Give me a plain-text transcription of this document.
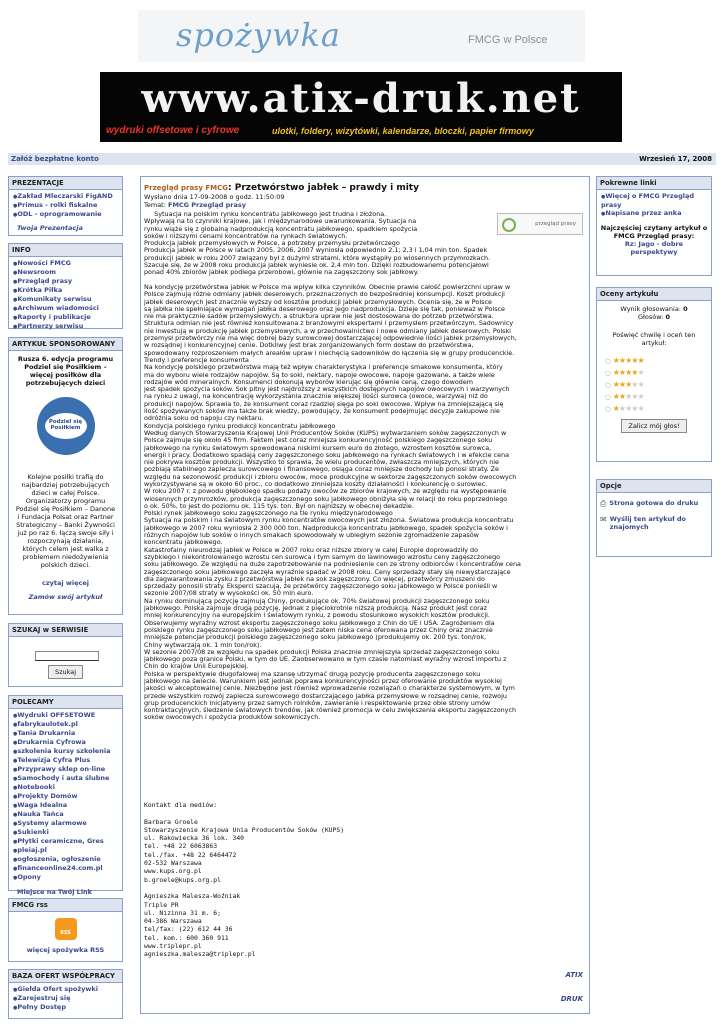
spożywka	FMCG w Polsce
www.atix-druk.net
wydruki offsetowe i cyfrowe	ulotki, foldery, wizytówki, kalendarze, bloczki, papier firmowy
Załóż bezpłatne konto	Wrzesień 17, 2008
PREZENTACJE
● Zakład Mleczarski FigAND
● Primus - rolki fiskalne
● ODL - oprogramowanie
Twoja Prezentacja
INFO
● Nowości FMCG
● Newsroom
● Przegląd prasy
● Krótka Piłka
● Komunikaty serwisu
● Archiwum wiadomości
● Raporty i publikacje
● Partnerzy serwisu
ARTYKUŁ SPONSOROWANY
Rusza 6. edycja programu Podziel się Posiłkiem – więcej posiłków dla potrzebujących dzieci
Podziel się Posiłkiem
Kolejne posiłki trafią do najbardziej potrzebujących dzieci w całej Polsce. Organizatorzy programu Podziel się Posiłkiem – Danone i Fundacja Polsat oraz Partner Strategiczny – Banki Żywności już po raz 6. łączą swoje siły i rozpoczynają działania, których celem jest walka z problemem niedożywienia polskich dzieci.
czytaj więcej
Zamów swój artykuł
SZUKAJ w SERWISIE
Szukaj
POLECAMY
● Wydruki OFFSETOWE
● fabrykaulotek.pl
● Tania Drukarnia
● Drukarnia Cyfrowa
● szkolenia kursy szkolenia
● Telewizja Cyfra Plus
● Przyprawy sklep on-line
● Samochody i auta ślubne
● Notebooki
● Projekty Domów
● Waga Idealna
● Nauka Tańca
● Systemy alarmowe
● Sukienki
● Płytki ceramiczne, Gres
● pleiaj.pl
● ogłoszenia, ogłoszenie
● financeonline24.com.pl
● Opony
Miejsce na Twój Link
FMCG rss
RSS
więcej spożywka RSS
BAZA OFERT WSPÓŁPRACY
● Giełda Ofert spożywki
● Zarejestruj się
● Pełny Dostęp
Przegląd prasy FMCG: Przetwórstwo jabłek – prawdy i mity
Wysłano dnia 17-09-2008 o godz. 11:50:09
Temat: FMCG Przegląd prasy
przegląd prasy
Sytuacja na polskim rynku koncentratu jabłkowego jest trudna i złożona.
Wpływają na to czynniki krajowe, jak i międzynarodowe uwarunkowania. Sytuacja na
rynku wiąże się z globalną nadprodukcją koncentratu jabłkowego, spadkiem spożycia
soków i niższymi cenami koncentratów na rynkach światowych.
Produkcja jabłek przemysłowych w Polsce, a potrzeby przemysłu przetwórczego
Produkcja jabłek w Polsce w latach 2005, 2006, 2007 wyniosła odpowiednio 2,1; 2,3 i 1,04 mln ton. Spadek
produkcji jabłek w roku 2007 związany był z dużymi stratami, które wystąpiły po wiosennych przymrozkach.
Szacuje się, że w 2008 roku produkcja jabłek wyniesie ok. 2,4 mln ton. Dzięki rozbudowanemu potencjałowi
ponad 40% zbiorów jabłek podlega przerobowi, głównie na zagęszczony sok jabłkowy.

Na kondycję przetwórstwa jabłek w Polsce ma wpływ kilka czynników. Obecnie prawie całość powierzchni upraw w
Polsce zajmują różne odmiany jabłek deserowych, przeznaczonych do bezpośredniej konsumpcji. Koszt produkcji
jabłek deserowych jest znacznie wyższy od kosztów produkcji jabłek przemysłowych. Ocenia się, że w Polsce
są jabłka nie spełniające wymagań jabłka deserowego oraz jego nadprodukcja. Dzieje się tak, ponieważ w Polsce
nie ma praktycznie sadów przemysłowych, a struktura upraw nie jest dostosowana do potrzeb przetwórstwa.
Struktura odmian nie jest również konsultowana z branżowymi ekspertami i przemysłem przetwórczym. Sadownicy
nie inwestują w produkcję jabłek przemysłowych, a w przechowalnictwo i nowe odmiany jabłek deserowych. Polski
przemysł przetwórczy nie ma więc dobrej bazy surowcowej dostarczającej odpowiednie ilości jabłek przemysłowych,
w rozsądnej i konkurencyjnej cenie. Dotkliwy jest brak zorganizowanych form dostaw do przetwórstwa,
spowodowany rozproszeniem małych areałów upraw i niechęcią sadowników do łączenia się w grupy producenckie.
Trendy i preferencje konsumenta
Na kondycję polskiego przetwórstwa mają też wpływ charakterystyka i preferencje smakowe konsumenta, który
ma do wyboru wiele rodzajów napojów. Są to soki, nektary, napoje owocowe, napoje gazowane, a także wiele
rodzajów wód mineralnych. Konsumenci dokonują wyborów kierując się głównie ceną, czego dowodem
jest spadek spożycia soków. Sok pitny jest najdroższy z wszystkich dostępnych napojów owocowych i warzywnych
na rynku z uwagi, na koncentrację wykorzystania znacznie większej ilości surowca (owoce, warzywa) niż do
produkcji napojów. Sprawia to, że konsument coraz rzadziej sięga po soki owocowe. Wpływ na zmniejszającą się
ilość spożywanych soków ma także brak wiedzy, powodujący, że konsument podejmując decyzje zakupowe nie
odróżnia soku od napoju czy nektaru.
Kondycja polskiego rynku produkcji koncentratu jabłkowego
Według danych Stowarzyszenia Krajowej Unii Producentów Soków (KUPS) wytwarzaniem soków zagęszczonych w
Polsce zajmuje się około 45 firm. Faktem jest coraz mniejsza konkurencyjność polskiego zagęszczonego soku
jabłkowego na rynku światowym spowodowana niskimi kursem euro do złotego, wzrostem kosztów surowca,
energii i pracy. Dodatkowo spadają ceny zagęszczonego soku jabłkowego na rynkach światowych i w efekcie cena
nie pokrywa kosztów produkcji. Wszystko to sprawia, że wielu producentów, zwłaszcza mniejszych, których nie
pozbiają stabilnego zaplecza surowcowego i finansowego, osiąga coraz mniejsze dochody lub ponosi straty. Ze
względu na sezonowość produkcji i zbioru owoców, moce produkcyjne w sektorze zagęszczonych soków owocowych
wykorzystywane są w około 60 proc., co dodatkowo zmniejsza koszty działalności i konkurencję o surowiec.
W roku 2007 r. z powodu głębokiego spadku podaży owoców ze zbiorów krajowych, ze względu na występowanie
wiosennych przymrozków, produkcja zagęszczonego soku jabłkowego obniżyła się w relacji do roku poprzedniego
o ok. 50%, to jest do poziomu ok. 115 tys. ton. Był on najniższy w obecnej dekadzie.
Polski rynek jabłkowego soku zagęszczonego na tle rynku międzynarodowego
Sytuacja na polskim i na światowym rynku koncentratów owocowych jest złożona. Światowa produkcja koncentratu
jabłkowego w 2007 roku wyniosła 2 300 000 ton. Nadprodukcja koncentratu jabłkowego, spadek spożycia soków i
różnych napojów lub soków o innych smakach spowodowały w ubiegłym sezonie zgromadzenie zapasów
koncentratu jabłkowego.
Katastrofalny nieurodzaj jabłek w Polsce w 2007 roku oraz niższe zbiory w całej Europie doprowadziły do
szybkiego i niekontrolowanego wzrostu cen surowca i tym samym do lawinowego wzrostu ceny zagęszczonego
soku jabłkowego. Ze względu na duże zapotrzebowanie na podniesienie cen ze strony odbiorców i koncentratów cena
zagęszczonego soku jabłkowego zaczęła wyraźnie spadać w 2008 roku. Ceny sprzedaży stały się niewystarczające
dla zagwarantowania zysku z przetwórstwa jabłek na sok zagęszczony. Co więcej, przetwórcy zmuszeni do
sprzedaży ponosili straty. Eksperci szacują, że przetwórcy zagęszczonego soku jabłkowego w Polsce ponieśli w
sezonie 2007/08 straty w wysokości ok. 50 mln euro.
Na rynku dominującą pozycję zajmują Chiny, produkujące ok. 70% światowej produkcji zagęszczonego soku
jabłkowego. Polska zajmuje drugą pozycję, jednak z pięciokrotnie niższą produkcją. Nasz produkt jest coraz
mniej konkurencyjny na europejskim i światowym rynku, z powodu stosunkowo wysokich kosztów produkcji.
Obserwujemy wyraźny wzrost eksportu zagęszczonego soku jabłkowego z Chin do UE i USA. Zagrożeniem dla
polskiego rynku zagęszczonego soku jabłkowego jest zatem niska cena oferowana przez Chiny oraz znacznie
mniejsze potencjał produkcji polskiego zagęszczonego soku jabłkowego (produkujemy ok. 200 tys. ton/rok,
Chiny wytwarzają ok. 1 mln ton/rok).
W sezonie 2007/08 ze względu na spadek produkcji Polska znacznie zmniejszyła sprzedaż zagęszczonego soku
jabłkowego poza granice Polski, w tym do UE. Zaobserwowano w tym czasie natomiast wyraźny wzrost importu z
Chin do krajów Unii Europejskiej.
Polska w perspektywie długofalowej ma szansę utrzymać drugą pozycję producenta zagęszczonego soku
jabłkowego na świecie. Warunkiem jest jednak poprawa konkurencyjności przez oferowanie produktów wysokiej
jakości w akceptowalnej cenie. Niezbędne jest również wprowadzenie rozwiązań o charakterze systemowym, w tym
przede wszystkim rozwój zaplecza surowcowego dostarczającego jabłka przemysłowe w rozsądnej cenie, rozwoju
grup producenckich inicjatywny przez samych rolników, zawieranie i respektowanie przez obie strony umów
kontraktacyjnych, śledzenie światowych trendów, jak również promocja w celu zwiększenia eksportu zagęszczonych
soków owocowych i spożycia produktów sokowniczych.
Kontakt dla mediów:

Barbara Groele
Stowarzyszenie Krajowa Unia Producentów Soków (KUPS)
ul. Rakowiecka 36 lok. 340
tel. +48 22 6063863
tel./fax. +48 22 6464472
02-532 Warszawa
www.kups.org.pl
b.groele@kups.org.pl

Agnieszka Maleszа-Woźniak
Triple PR
ul. Nizinna 31 m. 6;
04-386 Warszawa
tel/fax: (22) 612 44 36
tel. kom.: 600 360 911
www.triplepr.pl
agnieszka.maleszа@triplepr.pl
ATIX
DRUK
Pokrewne linki
● Więcej o FMCG Przegląd prasy
● Napisane przez anka
Najczęściej czytany artykuł o FMCG Przegląd prasy:
Rz: Jago - dobre perspektywy
Oceny artykułu
Wynik głosowania: 0
Głosów: 0
Poświęć chwilę i oceń ten artykuł:
○ ★★★★★
○ ★★★★★
○ ★★★★★
○ ★★★★★
○ ★★★★★
Zalicz mój głos!
Opcje
⎙ Strona gotowa do druku
✉ Wyślij ten artykuł do znajomych
